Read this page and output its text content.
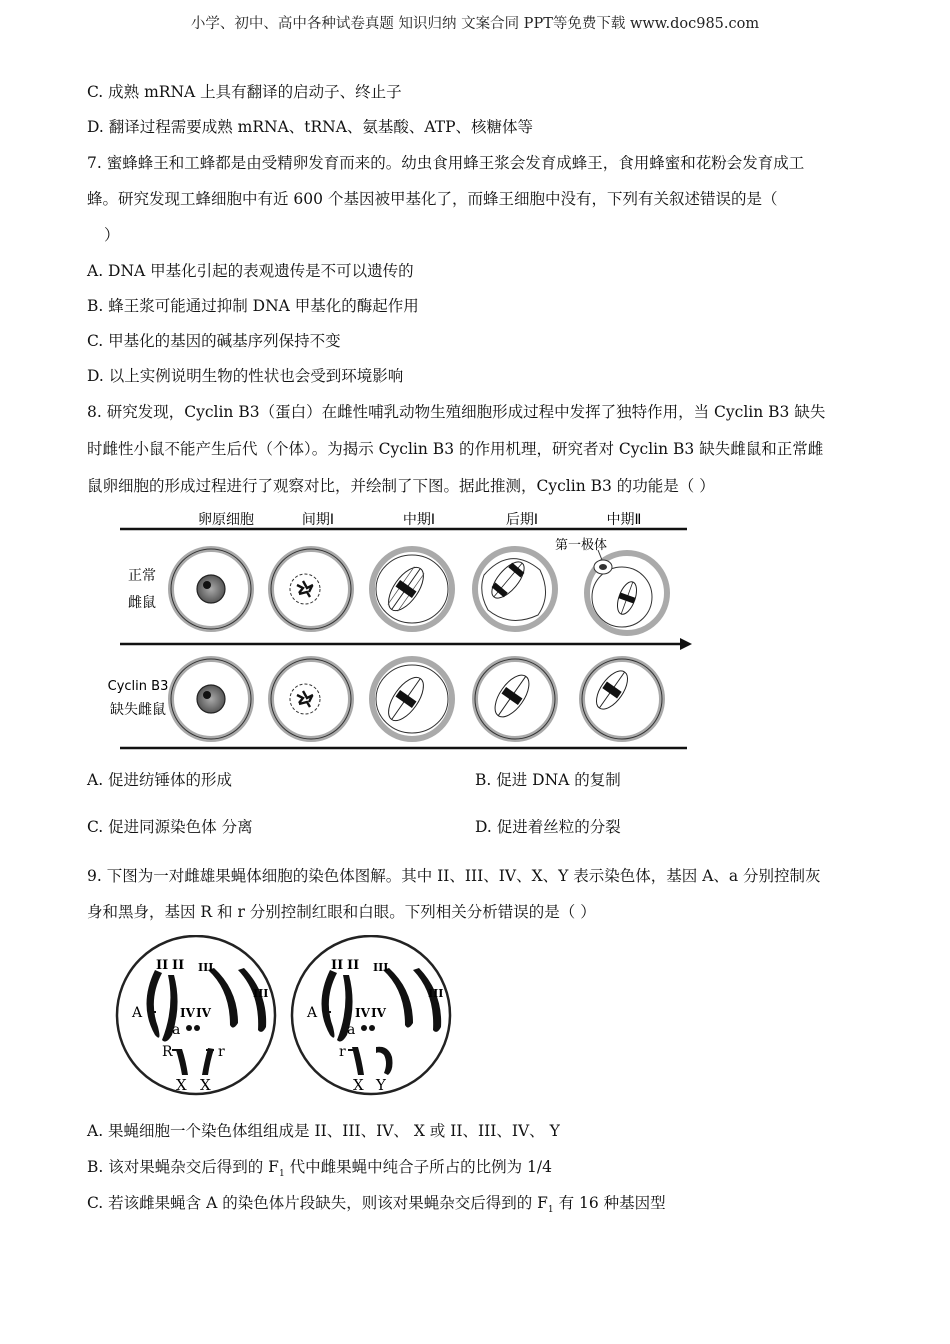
小学、初中、高中各种试卷真题 知识归纳 文案合同 PPT等免费下载 www.doc985.com
C. 成熟 mRNA 上具有翻译的启动子、终止子
D. 翻译过程需要成熟 mRNA、tRNA、氨基酸、ATP、核糖体等
7. 蜜蜂蜂王和工蜂都是由受精卵发育而来的。幼虫食用蜂王浆会发育成蜂王，食用蜂蜜和花粉会发育成工
蜂。研究发现工蜂细胞中有近 600 个基因被甲基化了，而蜂王细胞中没有，下列有关叙述错误的是（
）
A. DNA 甲基化引起的表观遗传是不可以遗传的
B. 蜂王浆可能通过抑制 DNA 甲基化的酶起作用
C. 甲基化的基因的碱基序列保持不变
D. 以上实例说明生物的性状也会受到环境影响
8. 研究发现，Cyclin B3（蛋白）在雌性哺乳动物生殖细胞形成过程中发挥了独特作用，当 Cyclin B3 缺失
时雌性小鼠不能产生后代（个体）。为揭示 Cyclin B3 的作用机理，研究者对 Cyclin B3 缺失雌鼠和正常雌
鼠卵细胞的形成过程进行了观察对比，并绘制了下图。据此推测，Cyclin B3 的功能是（ ）
卵原细胞	间期Ⅰ	中期Ⅰ	后期Ⅰ	中期Ⅱ
正常
雌鼠
Cyclin B3
缺失雌鼠
第一极体
A. 促进纺锤体的形成	B. 促进 DNA 的复制
C. 促进同源染色体 分离	D. 促进着丝粒的分裂
9. 下图为一对雌雄果蝇体细胞的染色体图解。其中 II、III、IV、X、Y 表示染色体，基因 A、a 分别控制灰
身和黑身，基因 R 和 r 分别控制红眼和白眼。下列相关分析错误的是（ ）
II II III
III
IV IV
A
a
R	r
X X
II II III
III
IV IV
A
a
r
X Y
A. 果蝇细胞一个染色体组组成是 II、III、IV、 X 或 II、III、IV、 Y
B. 该对果蝇杂交后得到的 $F_1$ 代中雌果蝇中纯合子所占的比例为 1/4
C. 若该雌果蝇含 A 的染色体片段缺失，则该对果蝇杂交后得到的 $F_1$ 有 16 种基因型
